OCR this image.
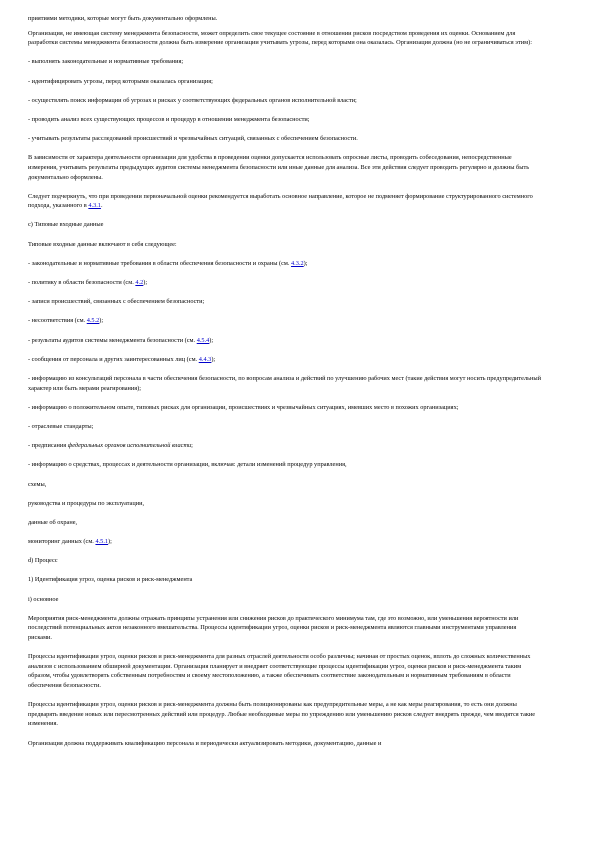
приятиями методики, которые могут быть документально оформлены.

Организация, не имеющая систему менеджмента безопасности, может определить свое текущее состояние в отношении рисков посредством проведения их оценки. Основанием для разработки системы менеджмента безопасности должна быть измерение организации учитывать угрозы, перед которыми она оказалась. Организация должна (но не ограничиваться этим):

- выполнять законодательные и нормативные требования;

- идентифицировать угрозы, перед которыми оказалась организация;

- осуществлять поиск информации об угрозах и рисках у соответствующих федеральных органов исполнительной власти;

- проводить анализ всех существующих процессов и процедур в отношении менеджмента безопасности;

- учитывать результаты расследований происшествий и чрезвычайных ситуаций, связанных с обеспечением безопасности.

В зависимости от характера деятельности организации для удобства в проведении оценки допускается использовать опросные листы, проводить собеседования, непосредственные измерения, учитывать результаты предыдущих аудитов системы менеджмента безопасности или иные данные для анализа. Все эти действия следует проводить регулярно и должны быть документально оформлены.

Следует подчеркнуть, что при проведении первоначальной оценки рекомендуется выработать основное направление, которое не подменяет формирование структурированного системного подхода, указанного в 4.3.1.

c) Типовые входные данные

Типовые входные данные включают в себя следующее:

- законодательные и нормативные требования в области обеспечения безопасности и охраны (см. 4.3.2);

- политику в области безопасности (см. 4.2);

- записи происшествий, связанных с обеспечением безопасности;

- несоответствия (см. 4.5.2);

- результаты аудитов системы менеджмента безопасности (см. 4.5.4);

- сообщения от персонала и других заинтересованных лиц (см. 4.4.3);

- информацию из консультаций персонала в части обеспечения безопасности, по вопросам анализа и действий по улучшению рабочих мест (такие действия могут носить предупредительный характер или быть мерами реагирования);

- информацию о положительном опыте, типовых рисках для организации, происшествиях и чрезвычайных ситуациях, имевших место в похожих организациях;

- отраслевые стандарты;

- предписания федеральных органов исполнительной власти;

- информацию о средствах, процессах и деятельности организации, включая: детали изменений процедур управления,

схемы,

руководства и процедуры по эксплуатации,

данные об охране,

мониторинг данных (см. 4.5.1);

d) Процесс

1) Идентификация угроз, оценка рисков и риск-менеджмента

i) основное

Мероприятия риск-менеджмента должны отражать принципы устранения или снижения рисков до практического минимума там, где это возможно, или уменьшения вероятности или последствий потенциальных актов незаконного вмешательства. Процессы идентификации угроз, оценки рисков и риск-менеджмента являются главными инструментами управления рисками.

Процессы идентификации угроз, оценки рисков и риск-менеджмента для разных отраслей деятельности особо различны; начиная от простых оценок, вплоть до сложных количественных анализов с использованием обширной документации. Организация планирует и внедряет соответствующие процессы идентификации угроз, оценки рисков и риск-менеджмента таким образом, чтобы удовлетворять собственным потребностям и своему местоположению, а также обеспечивать соответствие законодательным и нормативным требованиям в области обеспечения безопасности.

Процессы идентификации угроз, оценки рисков и риск-менеджмента должны быть позиционированы как предупредительные меры, а не как меры реагирования, то есть они должны предварять введение новых или пересмотренных действий или процедур. Любые необходимые меры по упреждению или уменьшению рисков следует внедрять прежде, чем вводятся такие изменения.

Организация должна поддерживать квалификацию персонала и периодически актуализировать методики, документацию, данные и
